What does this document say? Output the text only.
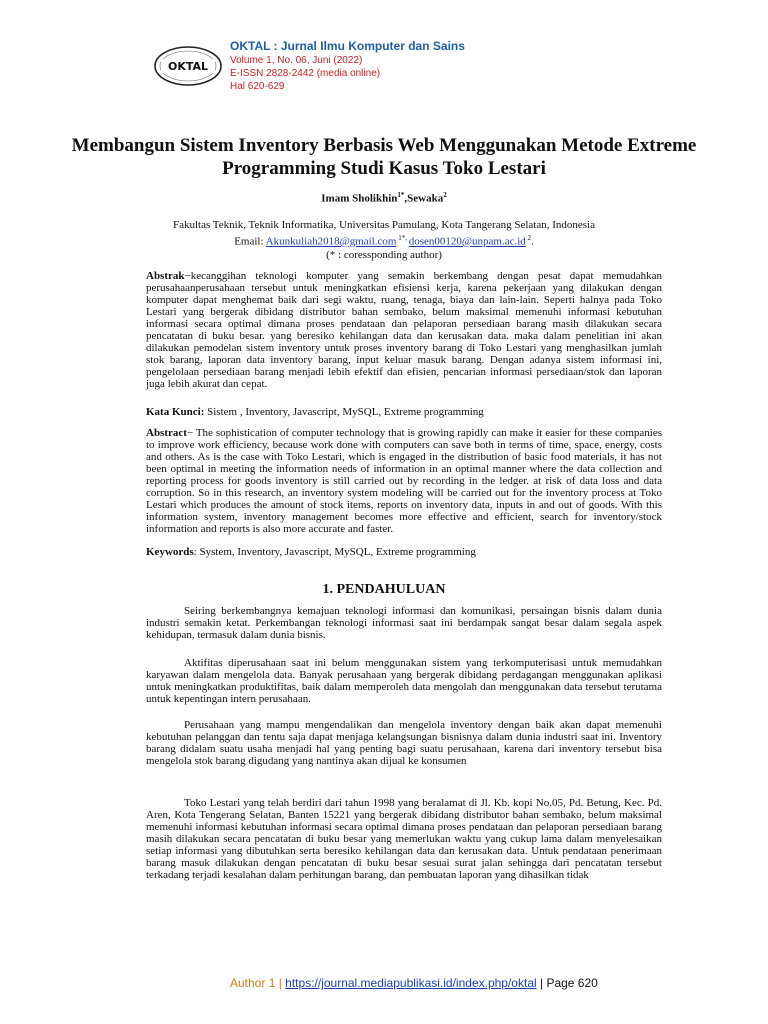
OKTAL
OKTAL : Jurnal Ilmu Komputer dan Sains
Volume 1, No. 06, Juni (2022)
E-ISSN 2828-2442 (media online)
Hal 620-629
Membangun Sistem Inventory Berbasis Web Menggunakan Metode Extreme Programming Studi Kasus Toko Lestari
Imam Sholikhin$^{1*}$,Sewaka$^2$
Fakultas Teknik, Teknik Informatika, Universitas Pamulang, Kota Tangerang Selatan, Indonesia
Email: Akunkuliah2018@gmail.com $^{1*,}$ dosen00120@unpam.ac.id $^2$.
(* : coressponding author)
Abstrak−kecanggihan teknologi komputer yang semakin berkembang dengan pesat dapat memudahkan perusahaanperusahaan tersebut untuk meningkatkan efisiensi kerja, karena pekerjaan yang dilakukan dengan komputer dapat menghemat baik dari segi waktu, ruang, tenaga, biaya dan lain-lain. Seperti halnya pada Toko Lestari yang bergerak dibidang distributor bahan sembako, belum maksimal memenuhi informasi kebutuhan informasi secara optimal dimana proses pendataan dan pelaporan persediaan barang masih dilakukan secara pencatatan di buku besar. yang beresiko kehilangan data dan kerusakan data. maka dalam penelitian ini akan dilakukan pemodelan sistem inventory untuk proses inventory barang di Toko Lestari yang menghasilkan jumlah stok barang, laporan data inventory barang, input keluar masuk barang. Dengan adanya sistem informasi ini, pengelolaan persediaan barang menjadi lebih efektif dan efisien, pencarian informasi persediaan/stok dan laporan juga lebih akurat dan cepat.
Kata Kunci: Sistem , Inventory, Javascript, MySQL, Extreme programming
Abstract− The sophistication of computer technology that is growing rapidly can make it easier for these companies to improve work efficiency, because work done with computers can save both in terms of time, space, energy, costs and others. As is the case with Toko Lestari, which is engaged in the distribution of basic food materials, it has not been optimal in meeting the information needs of information in an optimal manner where the data collection and reporting process for goods inventory is still carried out by recording in the ledger. at risk of data loss and data corruption. So in this research, an inventory system modeling will be carried out for the inventory process at Toko Lestari which produces the amount of stock items, reports on inventory data, inputs in and out of goods. With this information system, inventory management becomes more effective and efficient, search for inventory/stock information and reports is also more accurate and faster.
Keywords: System, Inventory, Javascript, MySQL, Extreme programming
1. PENDAHULUAN
Seiring berkembangnya kemajuan teknologi informasi dan komunikasi, persaingan bisnis dalam dunia industri semakin ketat. Perkembangan teknologi informasi saat ini berdampak sangat besar dalam segala aspek kehidupan, termasuk dalam dunia bisnis.
Aktifitas diperusahaan saat ini belum menggunakan sistem yang terkomputerisasi untuk memudahkan karyawan dalam mengelola data. Banyak perusahaan yang bergerak dibidang perdagangan menggunakan aplikasi untuk meningkatkan produktifitas, baik dalam memperoleh data mengolah dan menggunakan data tersebut terutama untuk kepentingan intern perusahaan.
Perusahaan yang mampu mengendalikan dan mengelola inventory dengan baik akan dapat memenuhi kebutuhan pelanggan dan tentu saja dapat menjaga kelangsungan bisnisnya dalam dunia industri saat ini. Inventory barang didalam suatu usaha menjadi hal yang penting bagi suatu perusahaan, karena dari inventory tersebut bisa mengelola stok barang digudang yang nantinya akan dijual ke konsumen
Toko Lestari yang telah berdiri dari tahun 1998 yang beralamat di Jl. Kb. kopi No.05, Pd. Betung, Kec. Pd. Aren, Kota Tengerang Selatan, Banten 15221 yang bergerak dibidang distributor bahan sembako, belum maksimal memenuhi informasi kebutuhan informasi secara optimal dimana proses pendataan dan pelaporan persediaan barang masih dilakukan secara pencatatan di buku besar yang memerlukan waktu yang cukup lama dalam menyelesaikan setiap informasi yang dibutuhkan serta beresiko kehilangan data dan kerusakan data. Untuk pendataan penerimaan barang masuk dilakukan dengan pencatatan di buku besar sesuai surat jalan sehingga dari pencatatan tersebut terkadang terjadi kesalahan dalam perhitungan barang, dan pembuatan laporan yang dihasilkan tidak
Author 1 | https://journal.mediapublikasi.id/index.php/oktal | Page 620
